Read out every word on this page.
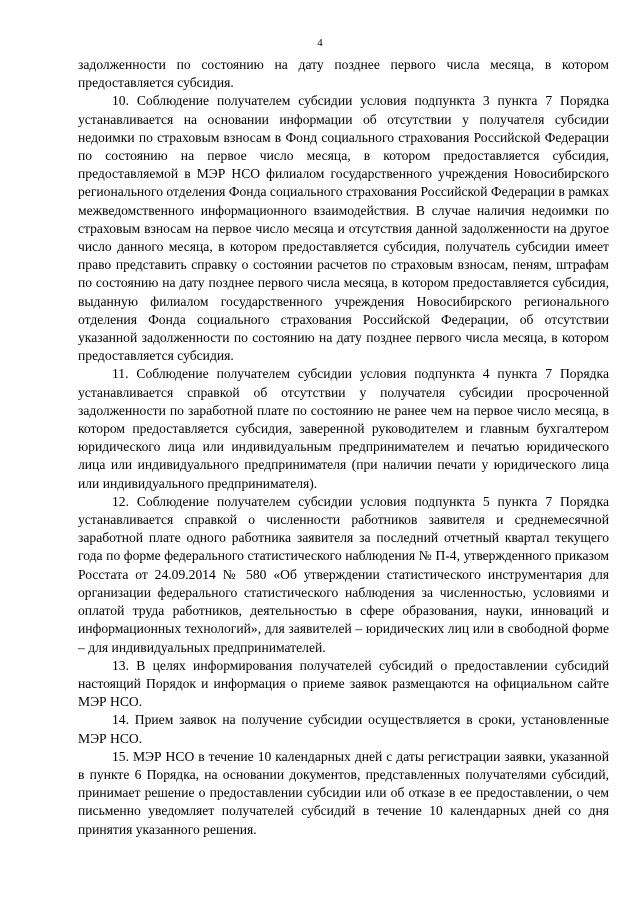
4

задолженности по состоянию на дату позднее первого числа месяца, в котором предоставляется субсидия.

10. Соблюдение получателем субсидии условия подпункта 3 пункта 7 Порядка устанавливается на основании информации об отсутствии у получателя субсидии недоимки по страховым взносам в Фонд социального страхования Российской Федерации по состоянию на первое число месяца, в котором предоставляется субсидия, предоставляемой в МЭР НСО филиалом государственного учреждения Новосибирского регионального отделения Фонда социального страхования Российской Федерации в рамках межведомственного информационного взаимодействия. В случае наличия недоимки по страховым взносам на первое число месяца и отсутствия данной задолженности на другое число данного месяца, в котором предоставляется субсидия, получатель субсидии имеет право представить справку о состоянии расчетов по страховым взносам, пеням, штрафам по состоянию на дату позднее первого числа месяца, в котором предоставляется субсидия, выданную филиалом государственного учреждения Новосибирского регионального отделения Фонда социального страхования Российской Федерации, об отсутствии указанной задолженности по состоянию на дату позднее первого числа месяца, в котором предоставляется субсидия.

11. Соблюдение получателем субсидии условия подпункта 4 пункта 7 Порядка устанавливается справкой об отсутствии у получателя субсидии просроченной задолженности по заработной плате по состоянию не ранее чем на первое число месяца, в котором предоставляется субсидия, заверенной руководителем и главным бухгалтером юридического лица или индивидуальным предпринимателем и печатью юридического лица или индивидуального предпринимателя (при наличии печати у юридического лица или индивидуального предпринимателя).

12. Соблюдение получателем субсидии условия подпункта 5 пункта 7 Порядка устанавливается справкой о численности работников заявителя и среднемесячной заработной плате одного работника заявителя за последний отчетный квартал текущего года по форме федерального статистического наблюдения № П-4, утвержденного приказом Росстата от 24.09.2014 № 580 «Об утверждении статистического инструментария для организации федерального статистического наблюдения за численностью, условиями и оплатой труда работников, деятельностью в сфере образования, науки, инноваций и информационных технологий», для заявителей – юридических лиц или в свободной форме – для индивидуальных предпринимателей.

13. В целях информирования получателей субсидий о предоставлении субсидий настоящий Порядок и информация о приеме заявок размещаются на официальном сайте МЭР НСО.

14. Прием заявок на получение субсидии осуществляется в сроки, установленные МЭР НСО.

15. МЭР НСО в течение 10 календарных дней с даты регистрации заявки, указанной в пункте 6 Порядка, на основании документов, представленных получателями субсидий, принимает решение о предоставлении субсидии или об отказе в ее предоставлении, о чем письменно уведомляет получателей субсидий в течение 10 календарных дней со дня принятия указанного решения.
